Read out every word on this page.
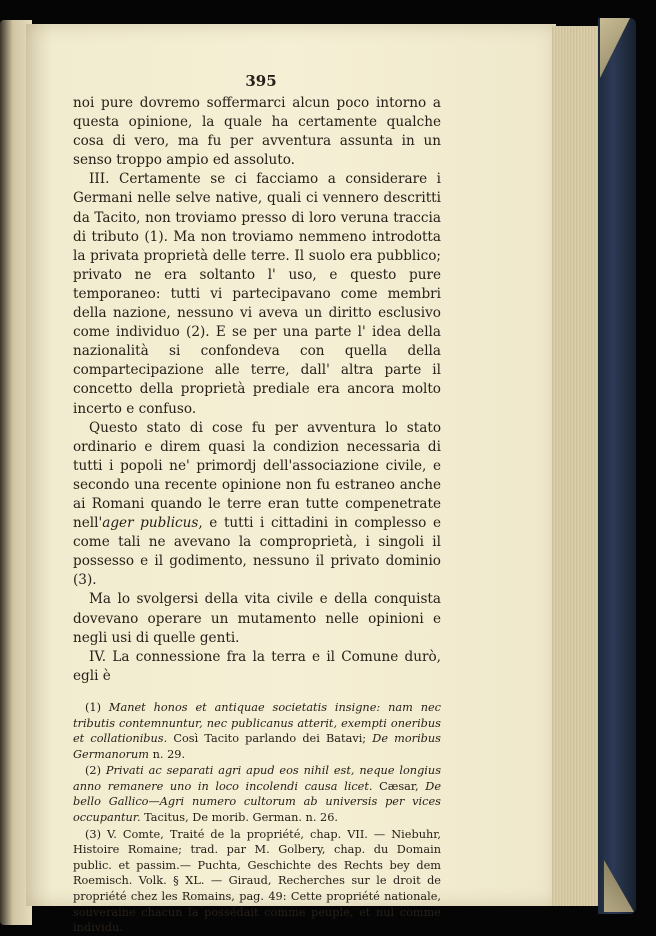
395

noi pure dovremo soffermarci alcun poco intorno a questa opinione, la quale ha certamente qualche cosa di vero, ma fu per avventura assunta in un senso troppo ampio ed assoluto.

III. Certamente se ci facciamo a considerare i Germani nelle selve native, quali ci vennero descritti da Tacito, non troviamo presso di loro veruna traccia di tributo (1). Ma non troviamo nemmeno introdotta la privata proprietà delle terre. Il suolo era pubblico; privato ne era soltanto l' uso, e questo pure temporaneo: tutti vi partecipavano come membri della nazione, nessuno vi aveva un diritto esclusivo come individuo (2). E se per una parte l' idea della nazionalità si confondeva con quella della compartecipazione alle terre, dall' altra parte il concetto della proprietà prediale era ancora molto incerto e confuso.

Questo stato di cose fu per avventura lo stato ordinario e direm quasi la condizion necessaria di tutti i popoli ne' primordj dell'associazione civile, e secondo una recente opinione non fu estraneo anche ai Romani quando le terre eran tutte compenetrate nell'ager publicus, e tutti i cittadini in complesso e come tali ne avevano la comproprietà, i singoli il possesso e il godimento, nessuno il privato dominio (3).

Ma lo svolgersi della vita civile e della conquista dovevano operare un mutamento nelle opinioni e negli usi di quelle genti.

IV. La connessione fra la terra e il Comune durò, egli è

(1) Manet honos et antiquae societatis insigne: nam nec tributis contemnuntur, nec publicanus atterit, exempti oneribus et collationibus. Così Tacito parlando dei Batavi; De moribus Germanorum n. 29.

(2) Privati ac separati agri apud eos nihil est, neque longius anno remanere uno in loco incolendi causa licet. Cæsar, De bello Gallico—Agri numero cultorum ab universis per vices occupantur. Tacitus, De morib. German. n. 26.

(3) V. Comte, Traité de la propriété, chap. VII. — Niebuhr, Histoire Romaine; trad. par M. Golbery, chap. du Domain public. et passim.— Puchta, Geschichte des Rechts bey dem Roemisch. Volk. § XL. — Giraud, Recherches sur le droit de propriété chez les Romains, pag. 49: Cette propriété nationale, souveraine chacun la possédait comme peuple, et nul comme individu.
